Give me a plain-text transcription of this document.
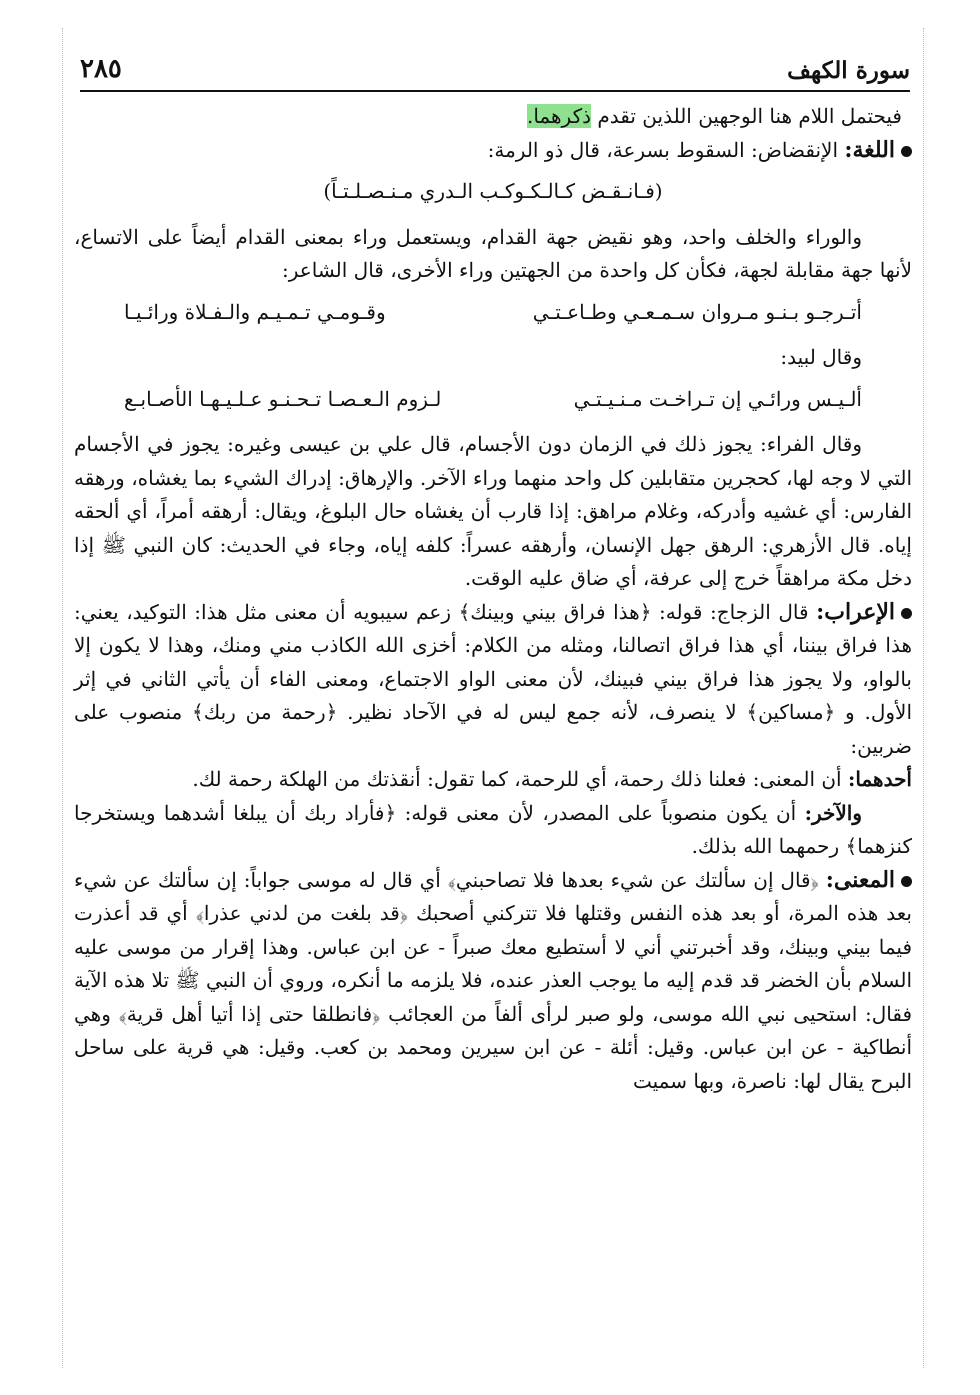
سورة الكهف
٢٨٥

فيحتمل اللام هنا الوجهين اللذين تقدم ذكرهما.

اللغة: الإنقضاض: السقوط بسرعة، قال ذو الرمة:

(فـانـقـض كـالـكـوكـب الـدري مـنـصـلـتـاً)

والوراء والخلف واحد، وهو نقيض جهة القدام، ويستعمل وراء بمعنى القدام أيضاً على الاتساع، لأنها جهة مقابلة لجهة، فكأن كل واحدة من الجهتين وراء الأخرى، قال الشاعر:

أتـرجـو بـنـو مـروان سـمـعـي وطـاعـتـي
وقـومـي تـمـيـم والـفـلاة ورائـيـا

وقال لبيد:

ألـيـس ورائـي إن تـراخـت مـنـيـتـي
لـزوم الـعـصـا تـحـنـو عـلـيـهـا الأصـابـع

وقال الفراء: يجوز ذلك في الزمان دون الأجسام، قال علي بن عيسى وغيره: يجوز في الأجسام التي لا وجه لها، كحجرين متقابلين كل واحد منهما وراء الآخر. والإرهاق: إدراك الشيء بما يغشاه، ورهقه الفارس: أي غشيه وأدركه، وغلام مراهق: إذا قارب أن يغشاه حال البلوغ، ويقال: أرهقه أمراً، أي ألحقه إياه. قال الأزهري: الرهق جهل الإنسان، وأرهقه عسراً: كلفه إياه، وجاء في الحديث: كان النبي ﷺ إذا دخل مكة مراهقاً خرج إلى عرفة، أي ضاق عليه الوقت.

الإعراب: قال الزجاج: قوله: ﴿هذا فراق بيني وبينك﴾ زعم سيبويه أن معنى مثل هذا: التوكيد، يعني: هذا فراق بيننا، أي هذا فراق اتصالنا، ومثله من الكلام: أخزى الله الكاذب مني ومنك، وهذا لا يكون إلا بالواو، ولا يجوز هذا فراق بيني فبينك، لأن معنى الواو الاجتماع، ومعنى الفاء أن يأتي الثاني في إثر الأول. و ﴿مساكين﴾ لا ينصرف، لأنه جمع ليس له في الآحاد نظير. ﴿رحمة من ربك﴾ منصوب على ضربين:

أحدهما: أن المعنى: فعلنا ذلك رحمة، أي للرحمة، كما تقول: أنقذتك من الهلكة رحمة لك.

والآخر: أن يكون منصوباً على المصدر، لأن معنى قوله: ﴿فأراد ربك أن يبلغا أشدهما ويستخرجا كنزهما﴾ رحمهما الله بذلك.

المعنى: ﴿قال إن سألتك عن شيء بعدها فلا تصاحبني﴾ أي قال له موسى جواباً: إن سألتك عن شيء بعد هذه المرة، أو بعد هذه النفس وقتلها فلا تتركني أصحبك ﴿قد بلغت من لدني عذرا﴾ أي قد أعذرت فيما بيني وبينك، وقد أخبرتني أني لا أستطيع معك صبراً - عن ابن عباس. وهذا إقرار من موسى عليه السلام بأن الخضر قد قدم إليه ما يوجب العذر عنده، فلا يلزمه ما أنكره، وروي أن النبي ﷺ تلا هذه الآية فقال: استحيى نبي الله موسى، ولو صبر لرأى ألفاً من العجائب ﴿فانطلقا حتى إذا أتيا أهل قرية﴾ وهي أنطاكية - عن ابن عباس. وقيل: أئلة - عن ابن سيرين ومحمد بن كعب. وقيل: هي قرية على ساحل البرح يقال لها: ناصرة، وبها سميت
